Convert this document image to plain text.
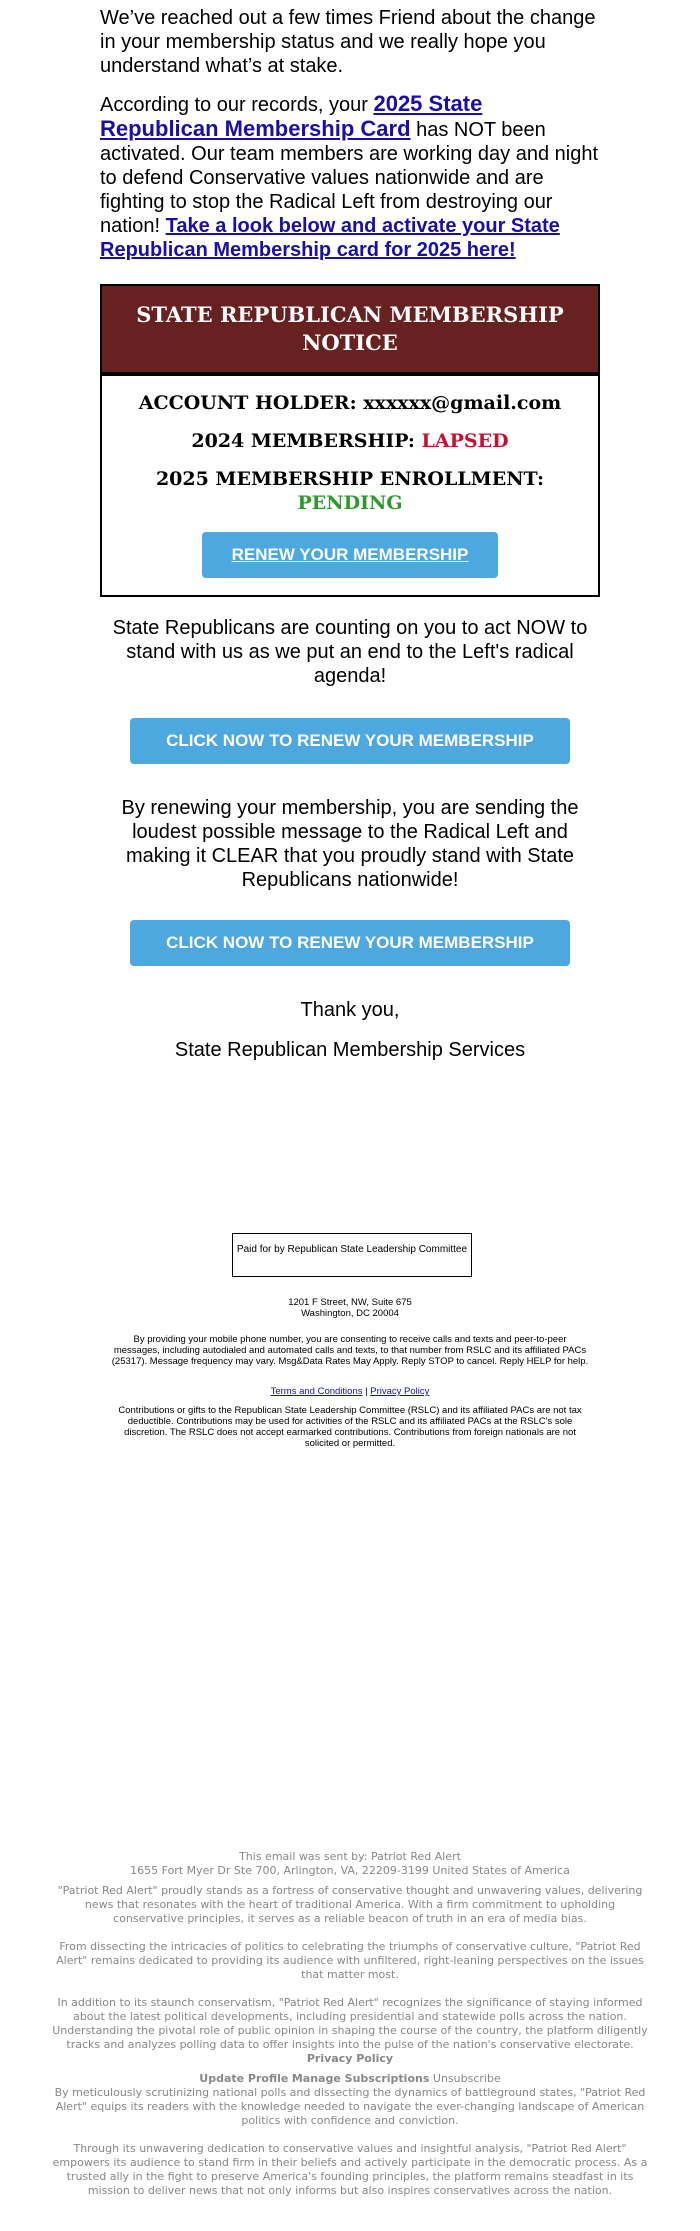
We’ve reached out a few times Friend about the change in your membership status and we really hope you understand what’s at stake.

According to our records, your 2025 State Republican Membership Card has NOT been activated. Our team members are working day and night to defend Conservative values nationwide and are fighting to stop the Radical Left from destroying our nation! Take a look below and activate your State Republican Membership card for 2025 here!

STATE REPUBLICAN MEMBERSHIP NOTICE
ACCOUNT HOLDER: xxxxxx@gmail.com
2024 MEMBERSHIP: LAPSED
2025 MEMBERSHIP ENROLLMENT:
PENDING
RENEW YOUR MEMBERSHIP
State Republicans are counting on you to act NOW to stand with us as we put an end to the Left's radical agenda!
CLICK NOW TO RENEW YOUR MEMBERSHIP
By renewing your membership, you are sending the loudest possible message to the Radical Left and making it CLEAR that you proudly stand with State Republicans nationwide!
CLICK NOW TO RENEW YOUR MEMBERSHIP
Thank you,
State Republican Membership Services
Paid for by Republican State Leadership Committee
1201 F Street, NW, Suite 675
Washington, DC 20004
By providing your mobile phone number, you are consenting to receive calls and texts and peer-to-peer messages, including autodialed and automated calls and texts, to that number from RSLC and its affiliated PACs (25317). Message frequency may vary. Msg&Data Rates May Apply. Reply STOP to cancel. Reply HELP for help.
Terms and Conditions | Privacy Policy
Contributions or gifts to the Republican State Leadership Committee (RSLC) and its affiliated PACs are not tax deductible. Contributions may be used for activities of the RSLC and its affiliated PACs at the RSLC's sole discretion. The RSLC does not accept earmarked contributions. Contributions from foreign nationals are not solicited or permitted.
This email was sent by: Patriot Red Alert
1655 Fort Myer Dr Ste 700, Arlington, VA, 22209-3199 United States of America
"Patriot Red Alert" proudly stands as a fortress of conservative thought and unwavering values, delivering news that resonates with the heart of traditional America. With a firm commitment to upholding conservative principles, it serves as a reliable beacon of truth in an era of media bias.
From dissecting the intricacies of politics to celebrating the triumphs of conservative culture, "Patriot Red Alert" remains dedicated to providing its audience with unfiltered, right-leaning perspectives on the issues that matter most.
In addition to its staunch conservatism, "Patriot Red Alert" recognizes the significance of staying informed about the latest political developments, including presidential and statewide polls across the nation. Understanding the pivotal role of public opinion in shaping the course of the country, the platform diligently tracks and analyzes polling data to offer insights into the pulse of the nation's conservative electorate.
Privacy Policy
Update Profile Manage Subscriptions Unsubscribe
By meticulously scrutinizing national polls and dissecting the dynamics of battleground states, "Patriot Red Alert" equips its readers with the knowledge needed to navigate the ever-changing landscape of American politics with confidence and conviction.
Through its unwavering dedication to conservative values and insightful analysis, "Patriot Red Alert" empowers its audience to stand firm in their beliefs and actively participate in the democratic process. As a trusted ally in the fight to preserve America's founding principles, the platform remains steadfast in its mission to deliver news that not only informs but also inspires conservatives across the nation.
